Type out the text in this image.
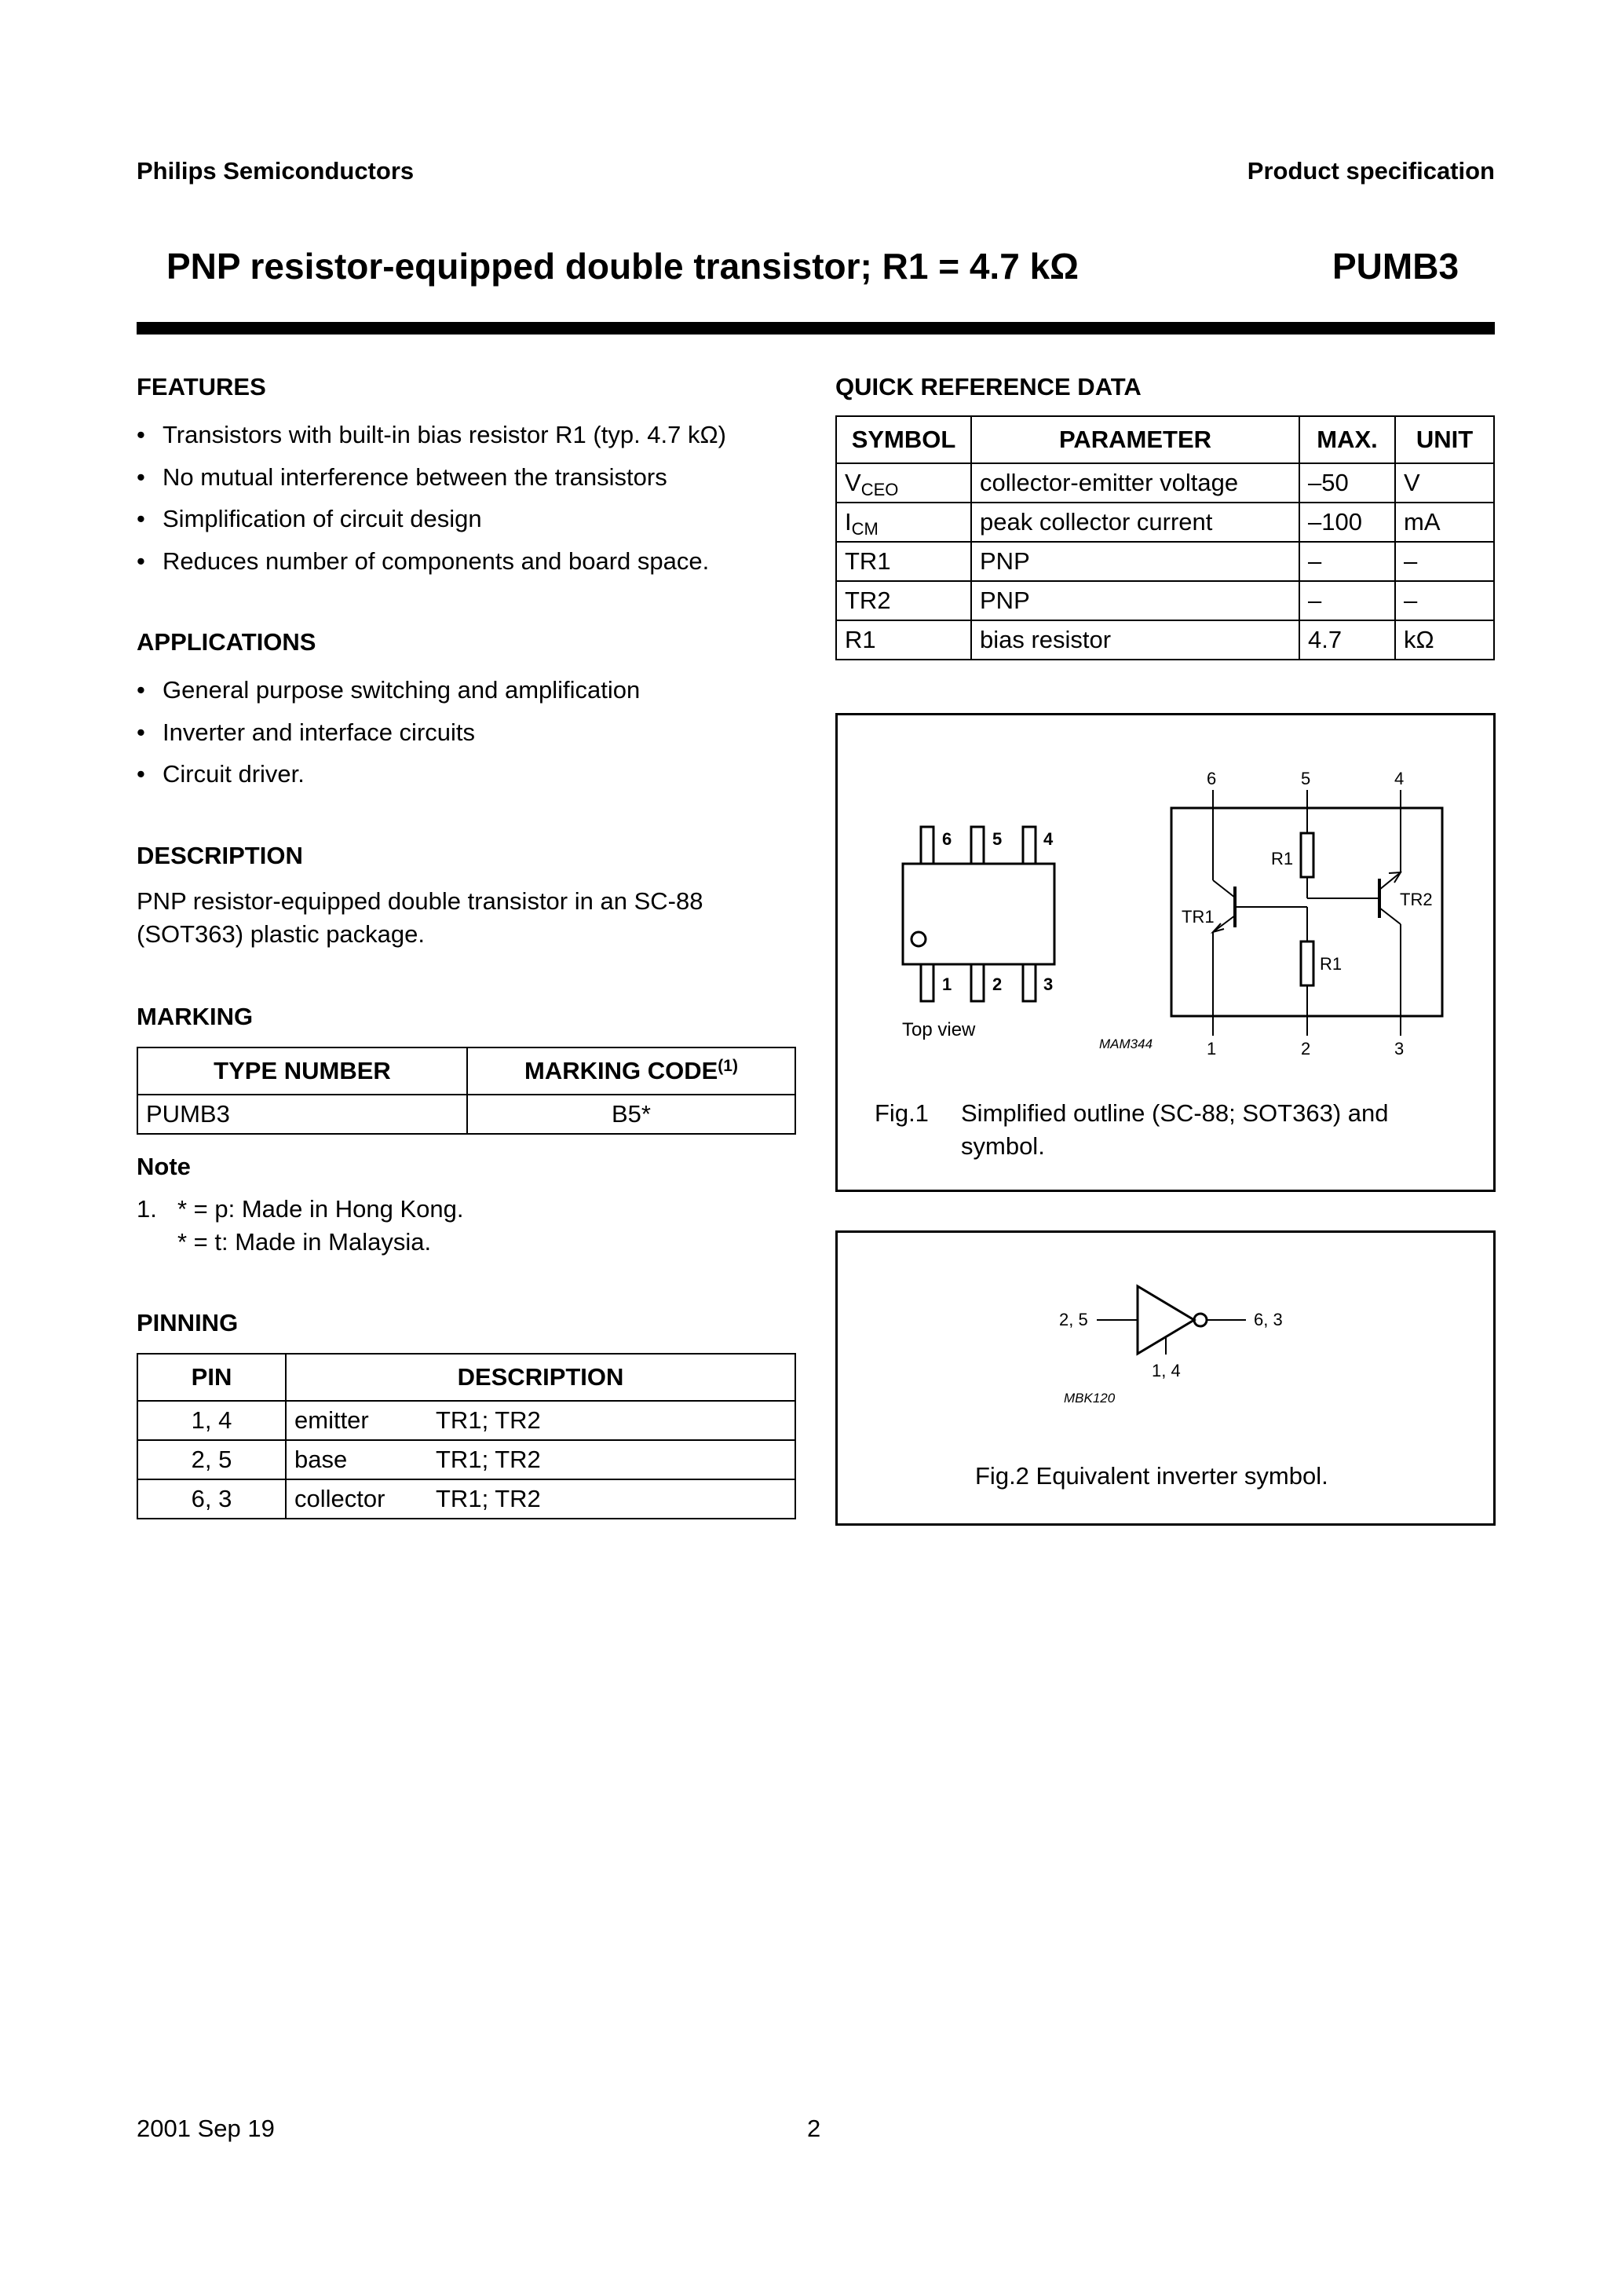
Philips Semiconductors	Product specification
PNP resistor-equipped double transistor; R1 = 4.7 kΩ	PUMB3
FEATURES
• Transistors with built-in bias resistor R1 (typ. 4.7 kΩ)
• No mutual interference between the transistors
• Simplification of circuit design
• Reduces number of components and board space.
APPLICATIONS
• General purpose switching and amplification
• Inverter and interface circuits
• Circuit driver.
DESCRIPTION
PNP resistor-equipped double transistor in an SC-88
(SOT363) plastic package.
MARKING
TYPE NUMBER	MARKING CODE$^{(1)}$
PUMB3	B5*
Note
1. * = p: Made in Hong Kong.
* = t: Made in Malaysia.
PINNING
PIN	DESCRIPTION
1, 4	emitter TR1; TR2
2, 5	base TR1; TR2
6, 3	collector TR1; TR2
QUICK REFERENCE DATA
SYMBOL	PARAMETER	MAX.	UNIT
$V_{CEO}$	collector-emitter voltage	–50	V
$I_{CM}$	peak collector current	–100	mA
TR1	PNP	–	–
TR2	PNP	–	–
R1	bias resistor	4.7	kΩ
6 5 4
1 2 3
Top view
MAM344
6	5	4
1	2	3
R1
R1
TR1
TR2
Fig.1 Simplified outline (SC-88; SOT363) and
symbol.
2, 5	6, 3
1, 4
MBK120
Fig.2 Equivalent inverter symbol.
2001 Sep 19	2
